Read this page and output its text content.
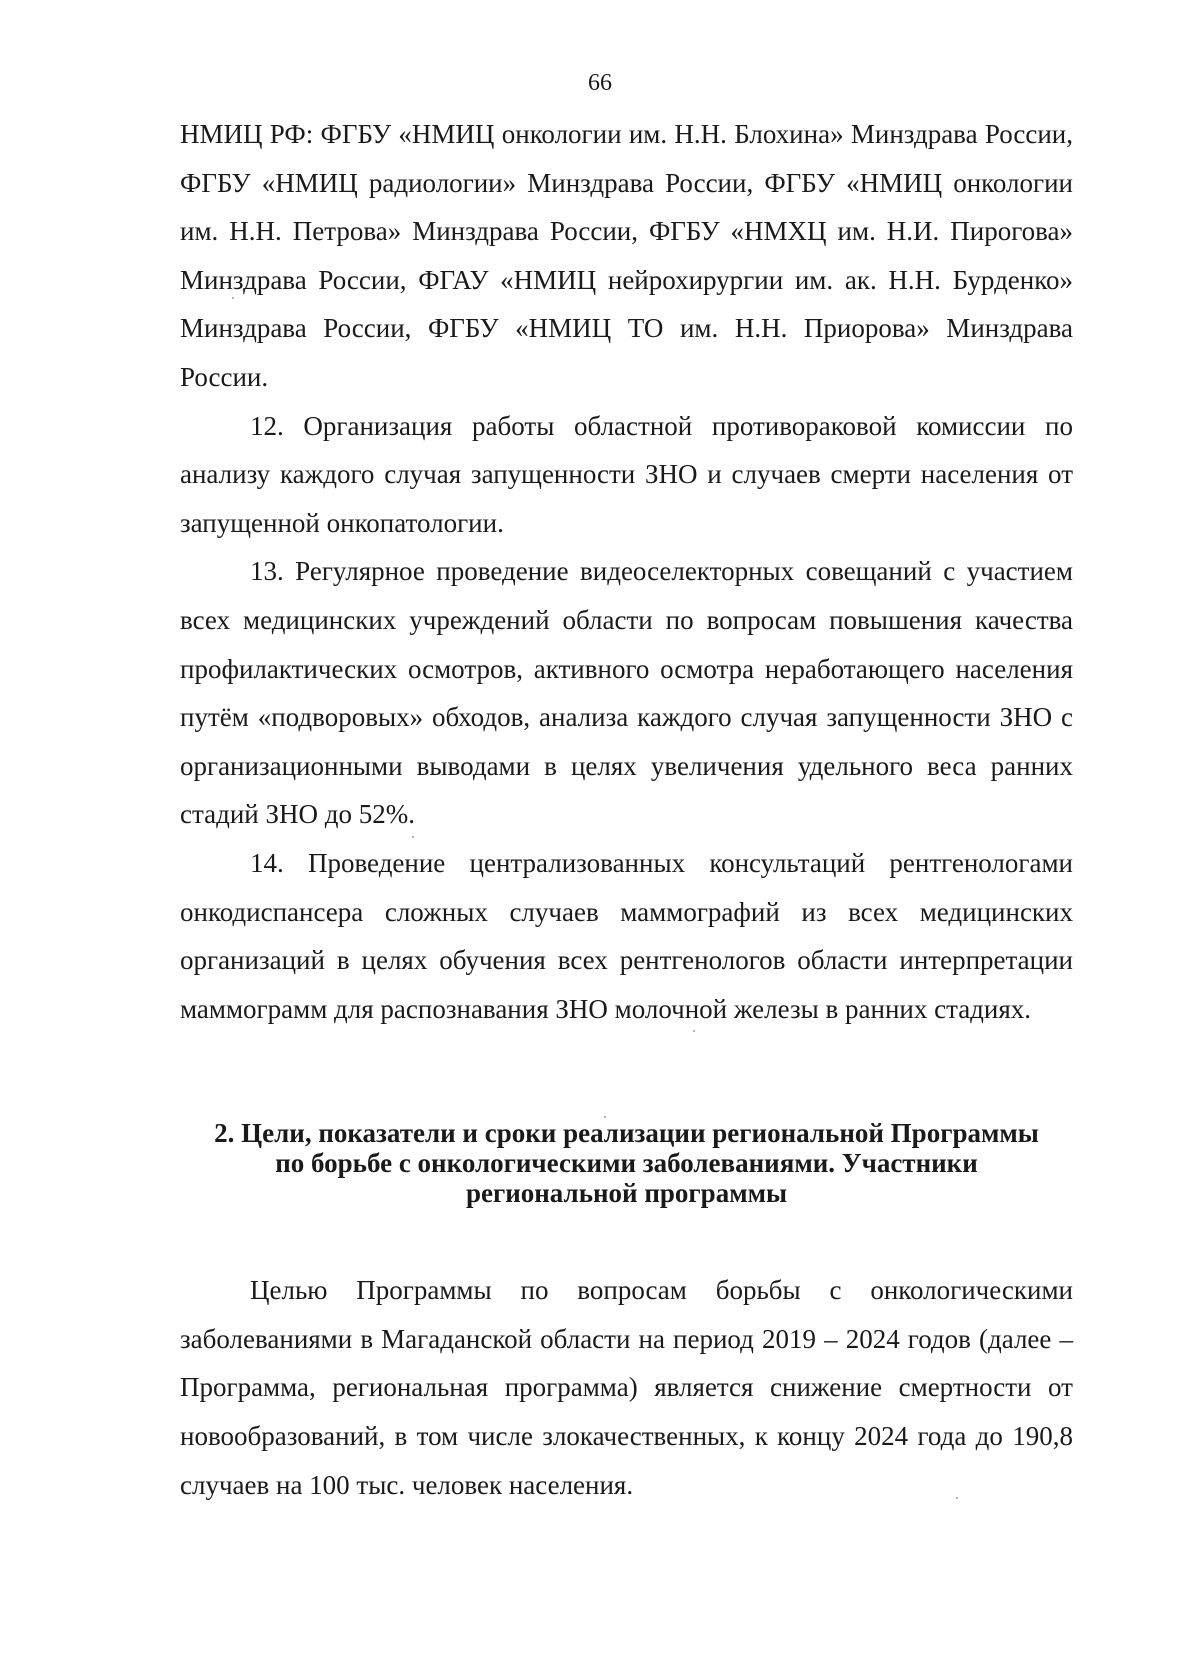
66

НМИЦ РФ: ФГБУ «НМИЦ онкологии им. Н.Н. Блохина» Минздрава России, ФГБУ «НМИЦ радиологии» Минздрава России, ФГБУ «НМИЦ онкологии им. Н.Н. Петрова» Минздрава России, ФГБУ «НМХЦ им. Н.И. Пирогова» Минздрава России, ФГАУ «НМИЦ нейрохирургии им. ак. Н.Н. Бурденко» Минздрава России, ФГБУ «НМИЦ ТО им. Н.Н. Приорова» Минздрава России.

12. Организация работы областной противораковой комиссии по анализу каждого случая запущенности ЗНО и случаев смерти населения от запущенной онкопатологии.

13. Регулярное проведение видеоселекторных совещаний с участием всех медицинских учреждений области по вопросам повышения качества профилактических осмотров, активного осмотра неработающего населения путём «подворовых» обходов, анализа каждого случая запущенности ЗНО с организационными выводами в целях увеличения удельного веса ранних стадий ЗНО до 52%.

14. Проведение централизованных консультаций рентгенологами онкодиспансера сложных случаев маммографий из всех медицинских организаций в целях обучения всех рентгенологов области интерпретации маммограмм для распознавания ЗНО молочной железы в ранних стадиях.

2. Цели, показатели и сроки реализации региональной Программы
по борьбе с онкологическими заболеваниями. Участники
региональной программы

Целью Программы по вопросам борьбы с онкологическими заболеваниями в Магаданской области на период 2019 – 2024 годов (далее – Программа, региональная программа) является снижение смертности от новообразований, в том числе злокачественных, к концу 2024 года до 190,8 случаев на 100 тыс. человек населения.
